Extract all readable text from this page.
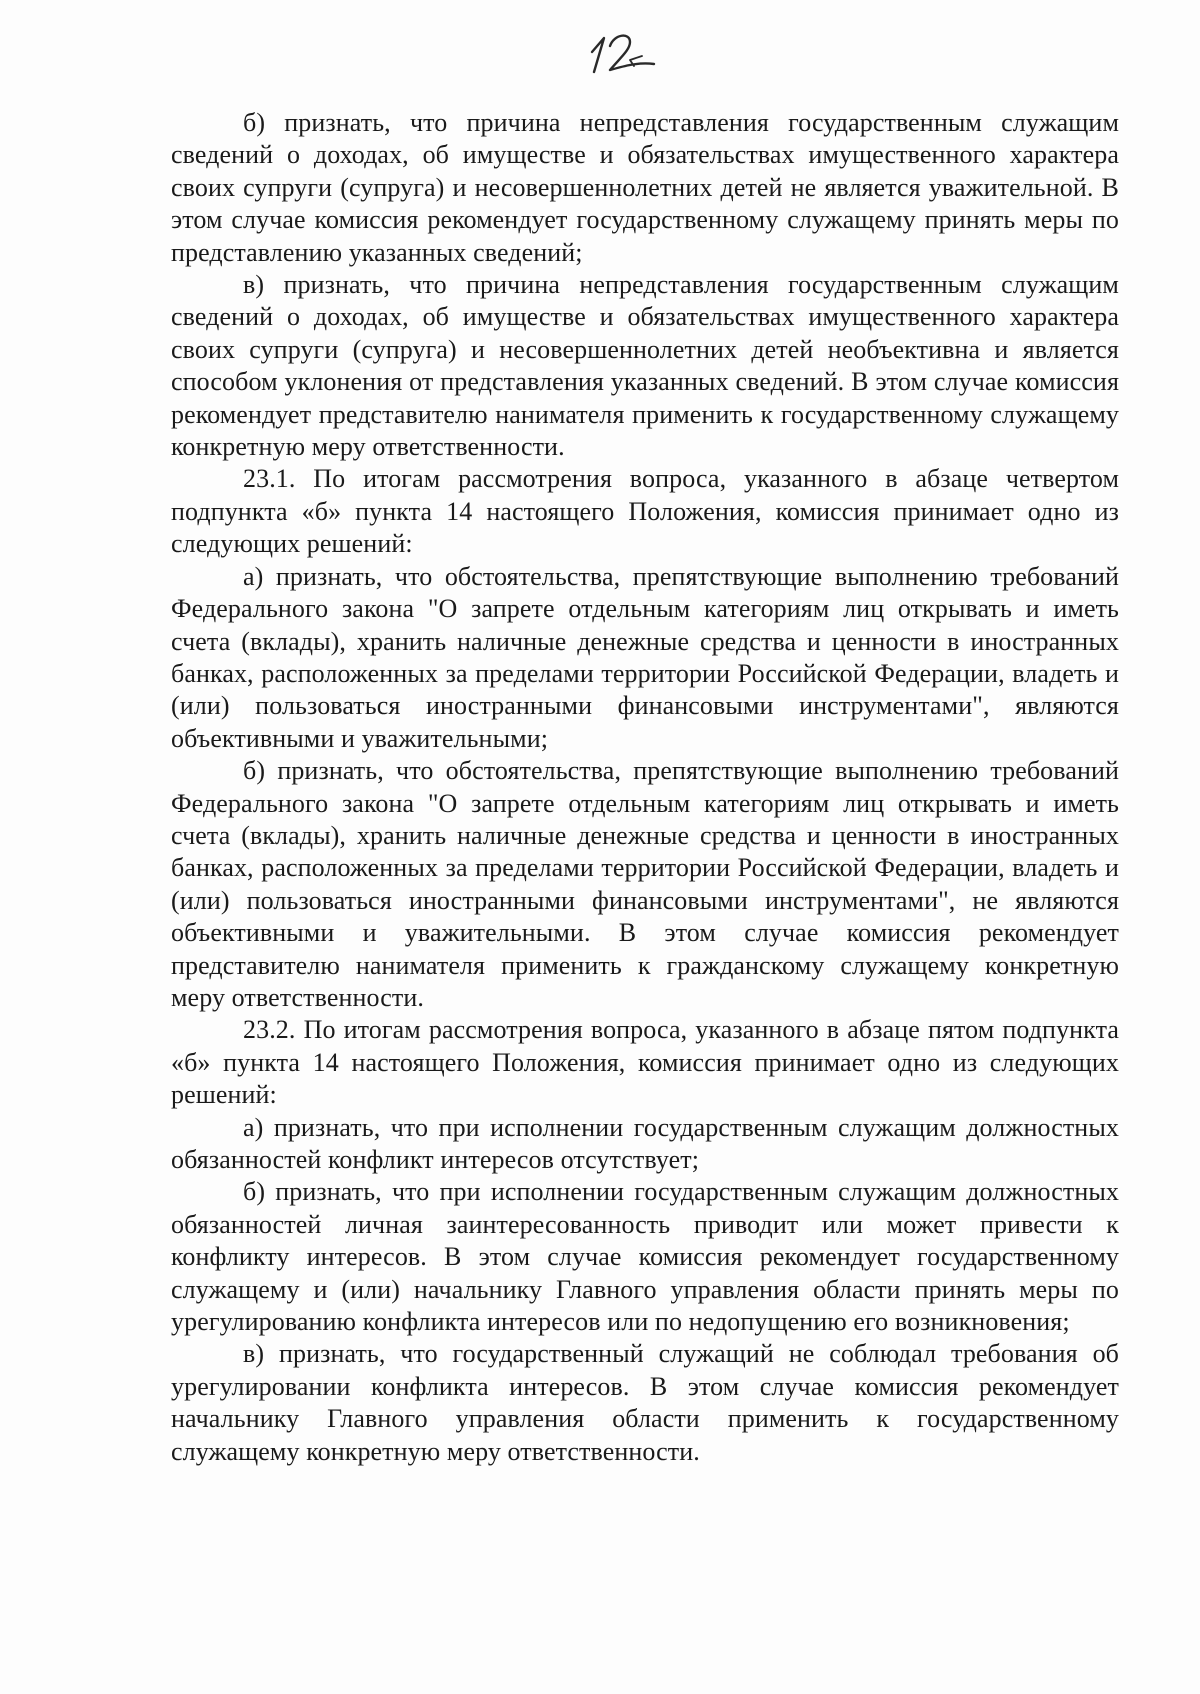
б) признать, что причина непредставления государственным служащим сведений о доходах, об имуществе и обязательствах имущественного характера своих супруги (супруга) и несовершеннолетних детей не является уважительной. В этом случае комиссия рекомендует государственному служащему принять меры по представлению указанных сведений;

в) признать, что причина непредставления государственным служащим сведений о доходах, об имуществе и обязательствах имущественного характера своих супруги (супруга) и несовершеннолетних детей необъективна и является способом уклонения от представления указанных сведений. В этом случае комиссия рекомендует представителю нанимателя применить к государственному служащему конкретную меру ответственности.

23.1. По итогам рассмотрения вопроса, указанного в абзаце четвертом подпункта «б» пункта 14 настоящего Положения, комиссия принимает одно из следующих решений:

а) признать, что обстоятельства, препятствующие выполнению требований Федерального закона "О запрете отдельным категориям лиц открывать и иметь счета (вклады), хранить наличные денежные средства и ценности в иностранных банках, расположенных за пределами территории Российской Федерации, владеть и (или) пользоваться иностранными финансовыми инструментами", являются объективными и уважительными;

б) признать, что обстоятельства, препятствующие выполнению требований Федерального закона "О запрете отдельным категориям лиц открывать и иметь счета (вклады), хранить наличные денежные средства и ценности в иностранных банках, расположенных за пределами территории Российской Федерации, владеть и (или) пользоваться иностранными финансовыми инструментами", не являются объективными и уважительными. В этом случае комиссия рекомендует представителю нанимателя применить к гражданскому служащему конкретную меру ответственности.

23.2. По итогам рассмотрения вопроса, указанного в абзаце пятом подпункта «б» пункта 14 настоящего Положения, комиссия принимает одно из следующих решений:

а) признать, что при исполнении государственным служащим должностных обязанностей конфликт интересов отсутствует;

б) признать, что при исполнении государственным служащим должностных обязанностей личная заинтересованность приводит или может привести к конфликту интересов. В этом случае комиссия рекомендует государственному служащему и (или) начальнику Главного управления области принять меры по урегулированию конфликта интересов или по недопущению его возникновения;

в) признать, что государственный служащий не соблюдал требования об урегулировании конфликта интересов. В этом случае комиссия рекомендует начальнику Главного управления области применить к государственному служащему конкретную меру ответственности.
